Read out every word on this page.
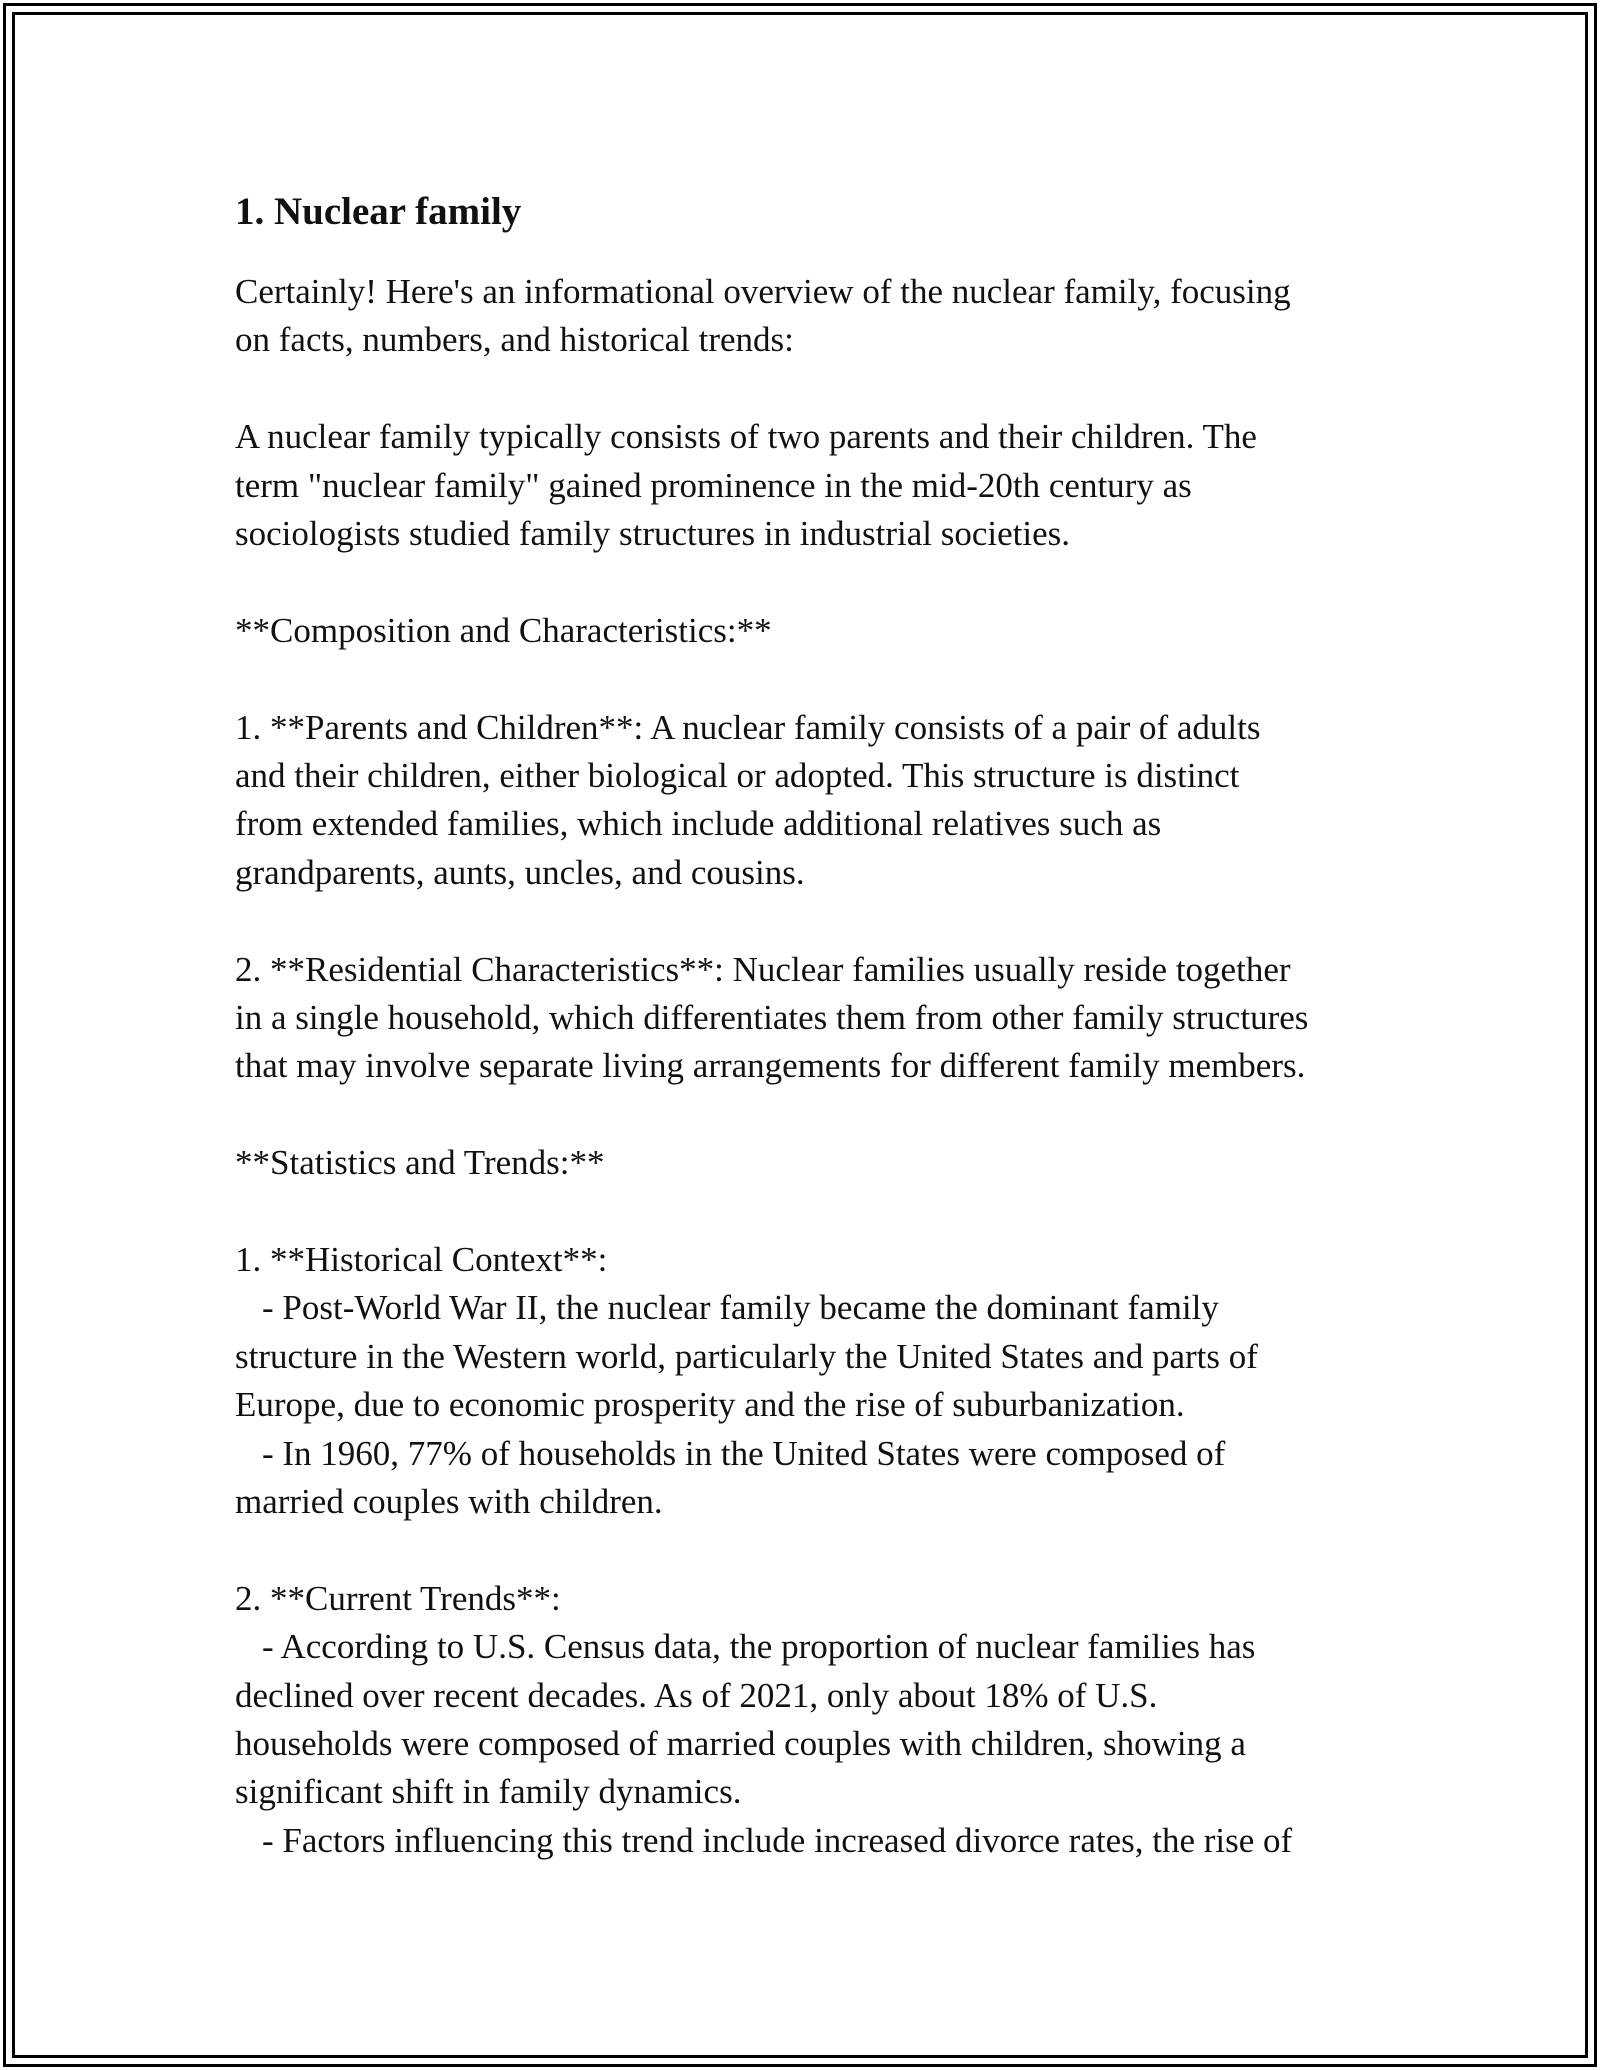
1. Nuclear family
Certainly! Here's an informational overview of the nuclear family, focusing
on facts, numbers, and historical trends:
A nuclear family typically consists of two parents and their children. The
term "nuclear family" gained prominence in the mid-20th century as
sociologists studied family structures in industrial societies.
**Composition and Characteristics:**
1. **Parents and Children**: A nuclear family consists of a pair of adults
and their children, either biological or adopted. This structure is distinct
from extended families, which include additional relatives such as
grandparents, aunts, uncles, and cousins.
2. **Residential Characteristics**: Nuclear families usually reside together
in a single household, which differentiates them from other family structures
that may involve separate living arrangements for different family members.
**Statistics and Trends:**
1. **Historical Context**:
- Post-World War II, the nuclear family became the dominant family
structure in the Western world, particularly the United States and parts of
Europe, due to economic prosperity and the rise of suburbanization.
- In 1960, 77% of households in the United States were composed of
married couples with children.
2. **Current Trends**:
- According to U.S. Census data, the proportion of nuclear families has
declined over recent decades. As of 2021, only about 18% of U.S.
households were composed of married couples with children, showing a
significant shift in family dynamics.
- Factors influencing this trend include increased divorce rates, the rise of
